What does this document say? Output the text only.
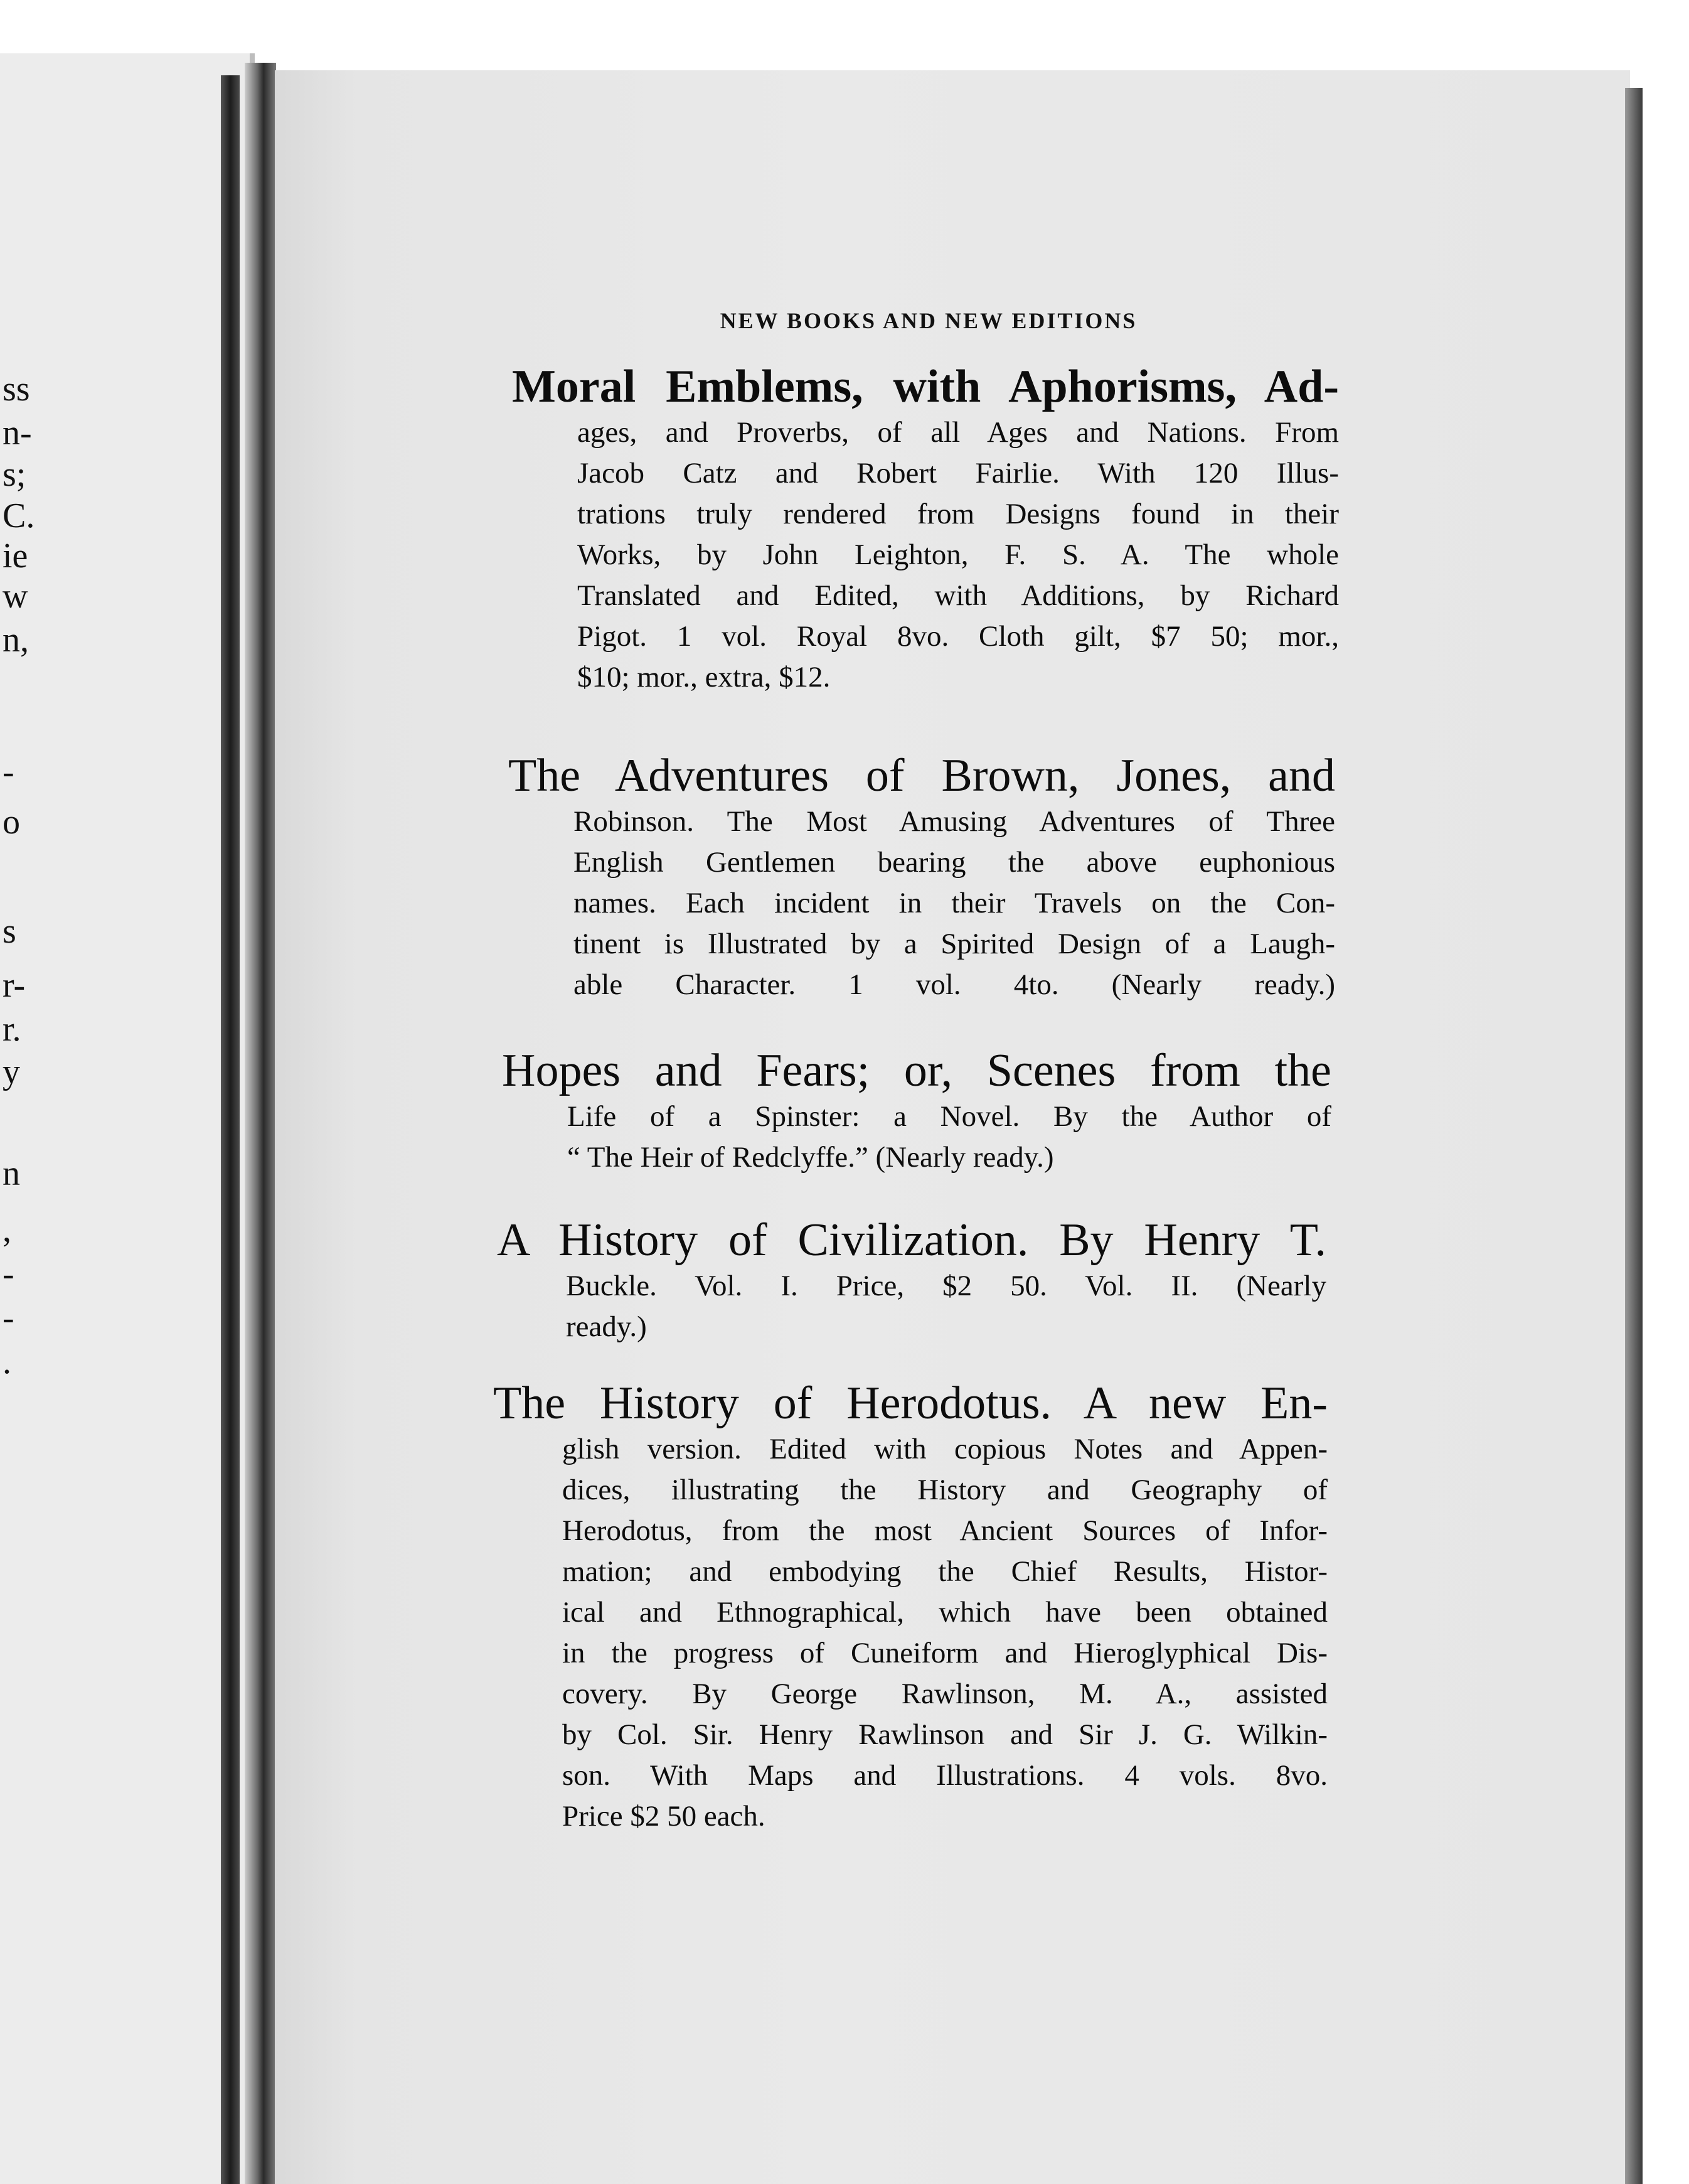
ss
n-
s;
C.
ie
w
n,
-
o
s
r-
r.
y
n
,
-
-
.
NEW BOOKS AND NEW EDITIONS
Moral Emblems, with Aphorisms, Ad-
ages, and Proverbs, of all Ages and Nations. From
Jacob Catz and Robert Fairlie. With 120 Illus-
trations truly rendered from Designs found in their
Works, by John Leighton, F. S. A. The whole
Translated and Edited, with Additions, by Richard
Pigot. 1 vol. Royal 8vo. Cloth gilt, $7 50; mor.,
$10; mor., extra, $12.
The Adventures of Brown, Jones, and
Robinson. The Most Amusing Adventures of Three
English Gentlemen bearing the above euphonious
names. Each incident in their Travels on the Con-
tinent is Illustrated by a Spirited Design of a Laugh-
able Character. 1 vol. 4to. (Nearly ready.)
Hopes and Fears; or, Scenes from the
Life of a Spinster: a Novel. By the Author of
“ The Heir of Redclyffe.” (Nearly ready.)
A History of Civilization. By Henry T.
Buckle. Vol. I. Price, $2 50. Vol. II. (Nearly
ready.)
The History of Herodotus. A new En-
glish version. Edited with copious Notes and Appen-
dices, illustrating the History and Geography of
Herodotus, from the most Ancient Sources of Infor-
mation; and embodying the Chief Results, Histor-
ical and Ethnographical, which have been obtained
in the progress of Cuneiform and Hieroglyphical Dis-
covery. By George Rawlinson, M. A., assisted
by Col. Sir. Henry Rawlinson and Sir J. G. Wilkin-
son. With Maps and Illustrations. 4 vols. 8vo.
Price $2 50 each.
